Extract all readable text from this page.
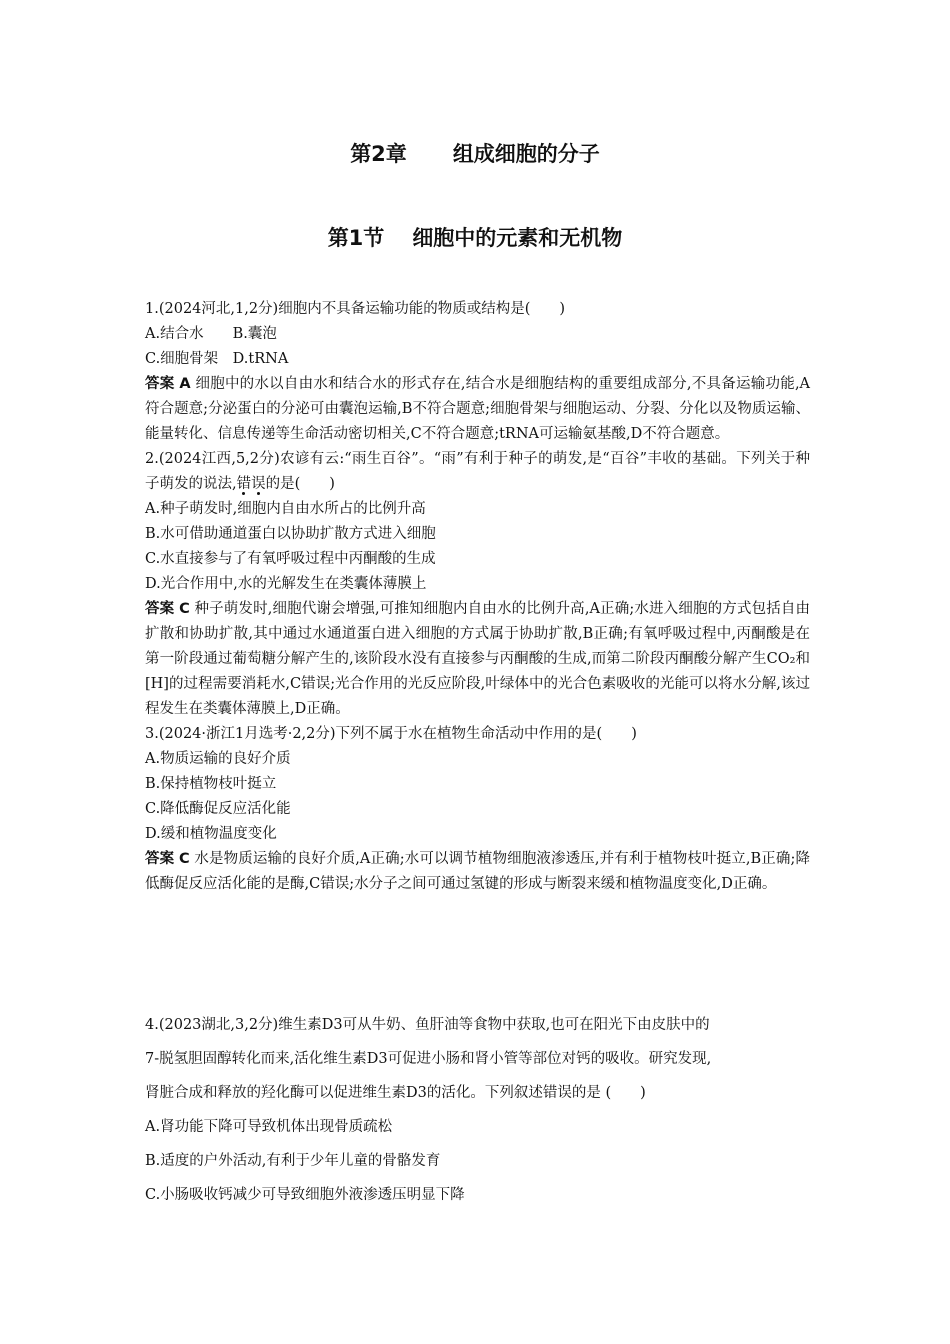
第2章 组成细胞的分子
第1节 细胞中的元素和无机物
1.(2024河北,1,2分)细胞内不具备运输功能的物质或结构是(　　)
A.结合水　　B.囊泡
C.细胞骨架　D.tRNA
答案 A 细胞中的水以自由水和结合水的形式存在,结合水是细胞结构的重要组成部分,不具备运输功能,A符合题意;分泌蛋白的分泌可由囊泡运输,B不符合题意;细胞骨架与细胞运动、分裂、分化以及物质运输、能量转化、信息传递等生命活动密切相关,C不符合题意;tRNA可运输氨基酸,D不符合题意。
2.(2024江西,5,2分)农谚有云:“雨生百谷”。“雨”有利于种子的萌发,是“百谷”丰收的基础。下列关于种子萌发的说法,错误的是(　　)
A.种子萌发时,细胞内自由水所占的比例升高
B.水可借助通道蛋白以协助扩散方式进入细胞
C.水直接参与了有氧呼吸过程中丙酮酸的生成
D.光合作用中,水的光解发生在类囊体薄膜上
答案 C 种子萌发时,细胞代谢会增强,可推知细胞内自由水的比例升高,A正确;水进入细胞的方式包括自由扩散和协助扩散,其中通过水通道蛋白进入细胞的方式属于协助扩散,B正确;有氧呼吸过程中,丙酮酸是在第一阶段通过葡萄糖分解产生的,该阶段水没有直接参与丙酮酸的生成,而第二阶段丙酮酸分解产生CO₂和[H]的过程需要消耗水,C错误;光合作用的光反应阶段,叶绿体中的光合色素吸收的光能可以将水分解,该过程发生在类囊体薄膜上,D正确。
3.(2024·浙江1月选考·2,2分)下列不属于水在植物生命活动中作用的是(　　)
A.物质运输的良好介质
B.保持植物枝叶挺立
C.降低酶促反应活化能
D.缓和植物温度变化
答案 C 水是物质运输的良好介质,A正确;水可以调节植物细胞液渗透压,并有利于植物枝叶挺立,B正确;降低酶促反应活化能的是酶,C错误;水分子之间可通过氢键的形成与断裂来缓和植物温度变化,D正确。
4.(2023湖北,3,2分)维生素D3可从牛奶、鱼肝油等食物中获取,也可在阳光下由皮肤中的
7-脱氢胆固醇转化而来,活化维生素D3可促进小肠和肾小管等部位对钙的吸收。研究发现,
肾脏合成和释放的羟化酶可以促进维生素D3的活化。下列叙述错误的是 (　　)
A.肾功能下降可导致机体出现骨质疏松
B.适度的户外活动,有利于少年儿童的骨骼发育
C.小肠吸收钙减少可导致细胞外液渗透压明显下降
